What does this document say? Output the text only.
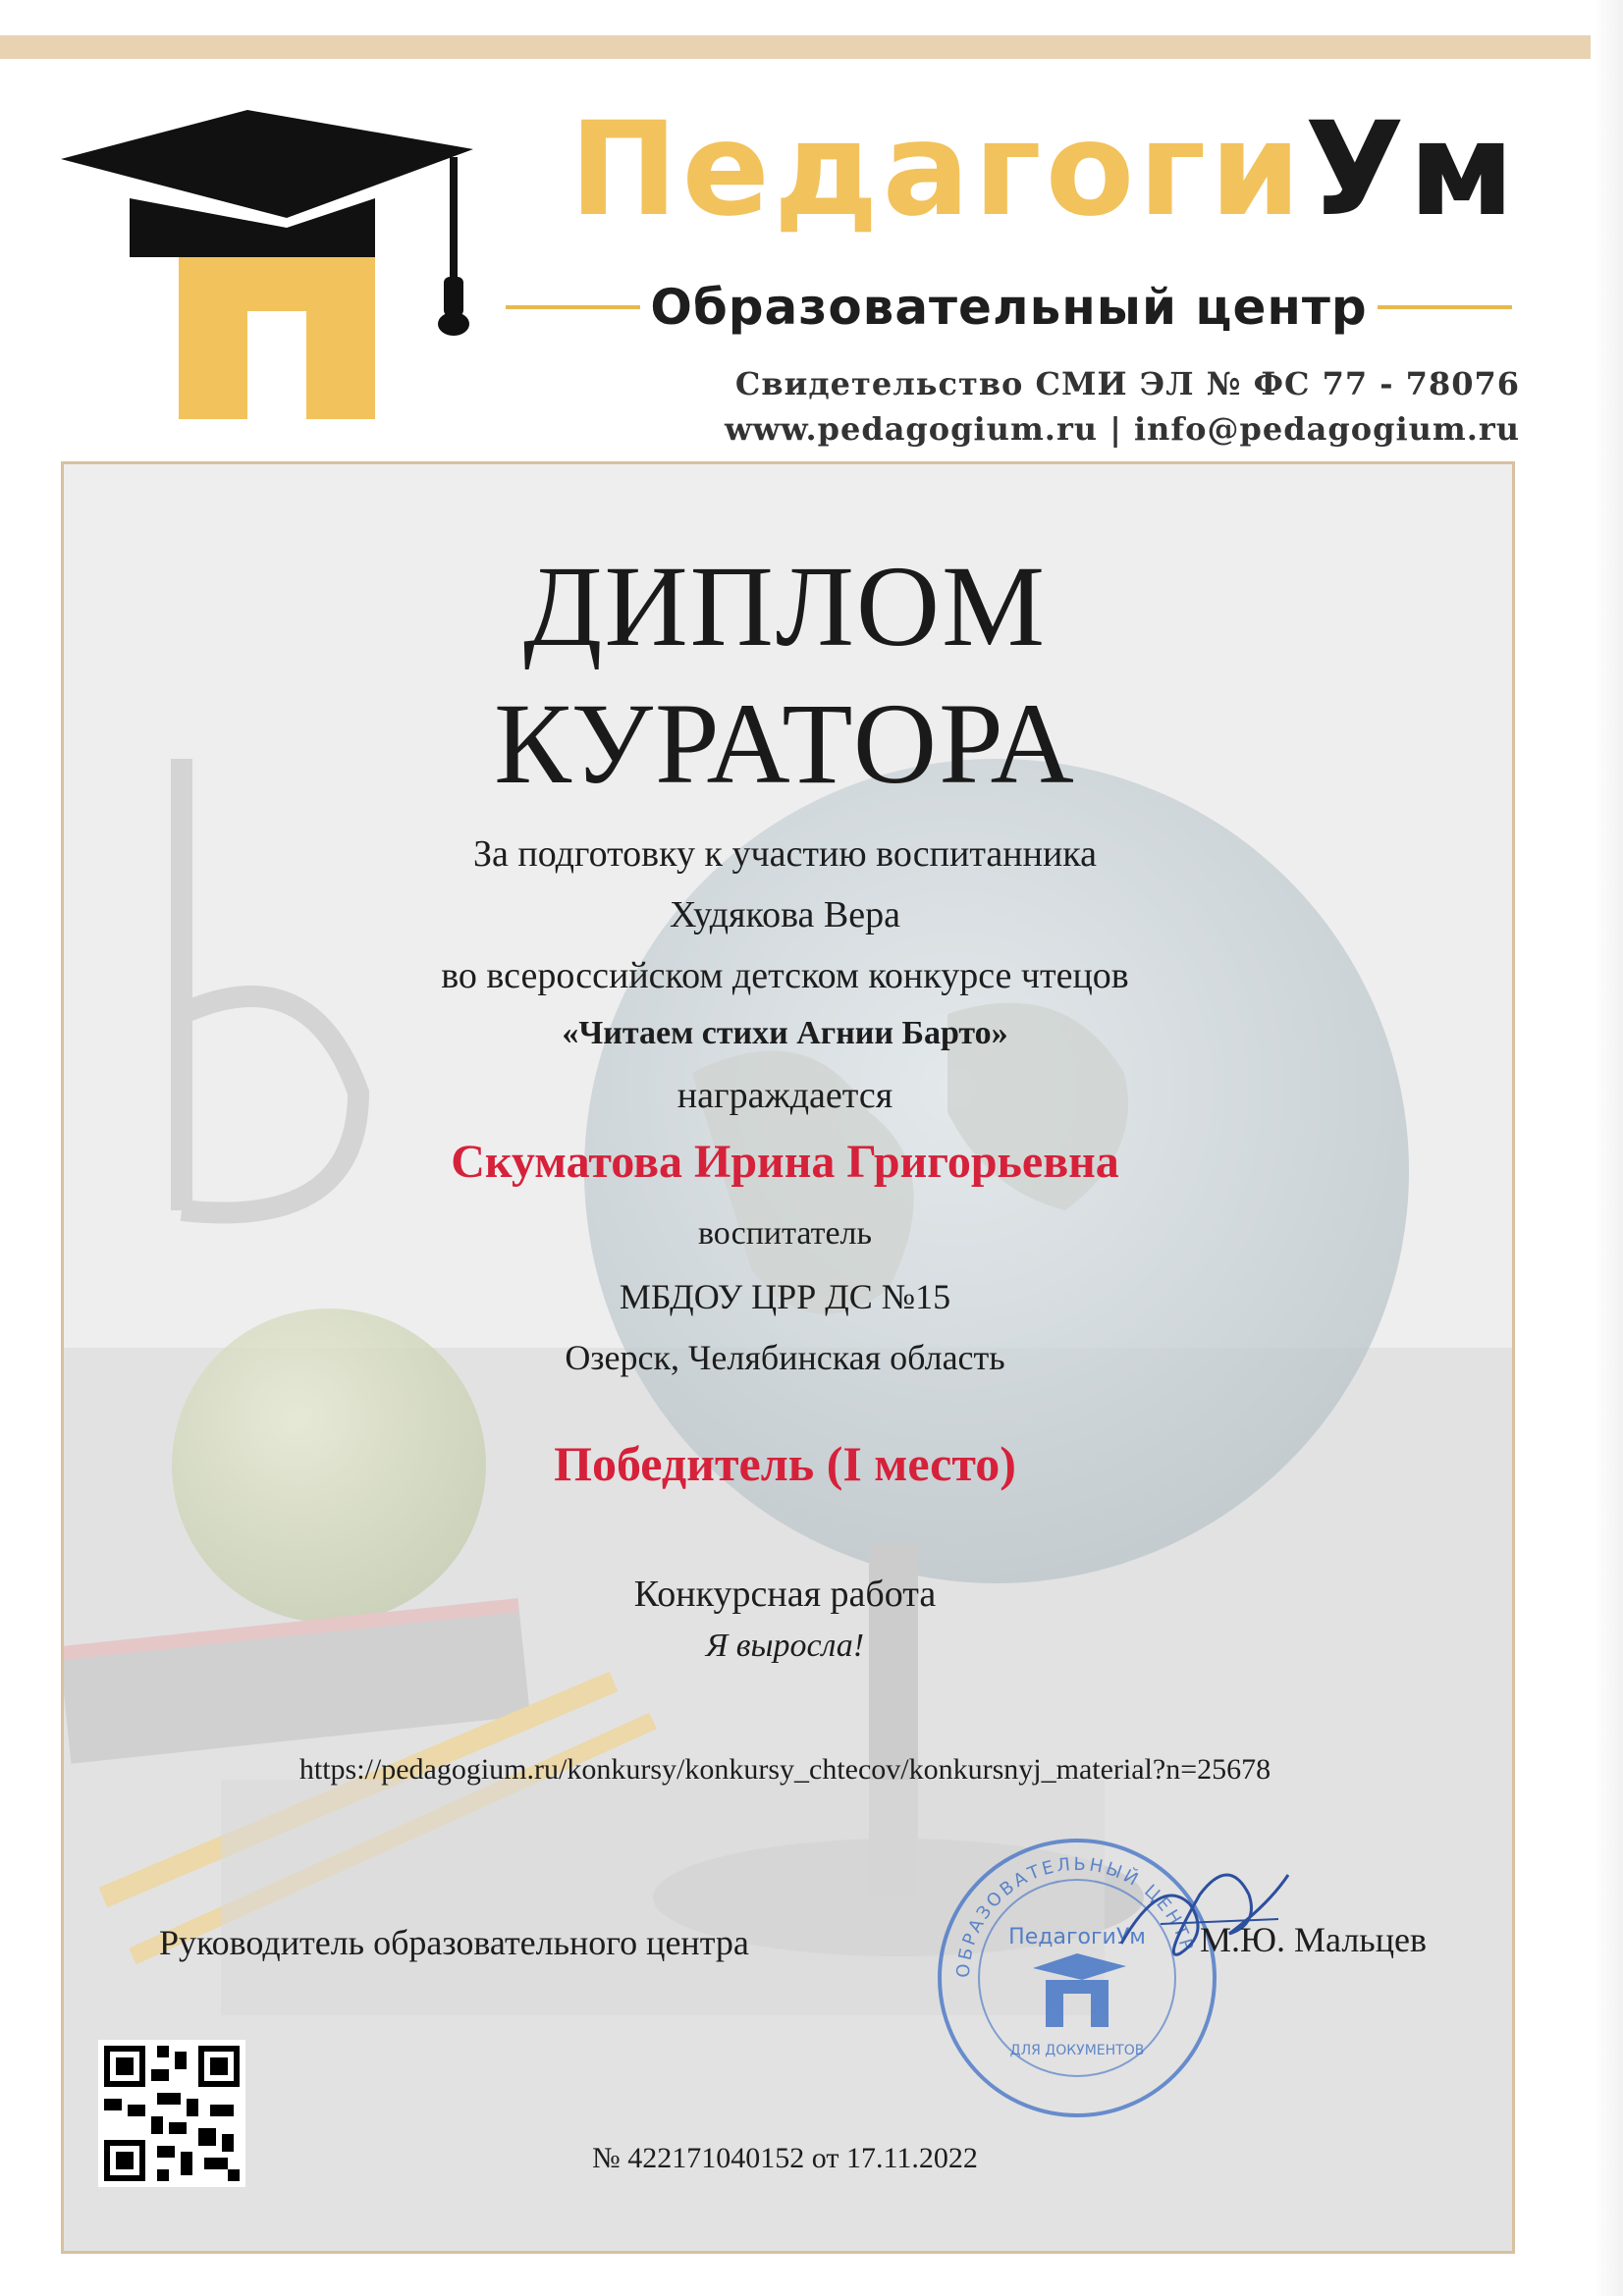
ПедагогиУм
Образовательный центр
Свидетельство СМИ ЭЛ № ФС 77 - 78076
www.pedagogium.ru | info@pedagogium.ru
ДИПЛОМ
КУРАТОРА
За подготовку к участию воспитанника
Худякова Вера
во всероссийском детском конкурсе чтецов
«Читаем стихи Агнии Барто»
награждается
Скуматова Ирина Григорьевна
воспитатель
МБДОУ ЦРР ДС №15
Озерск, Челябинская область
Победитель (I место)
Конкурсная работа
Я выросла!
https://pedagogium.ru/konkursy/konkursy_chtecov/konkursnyj_material?n=25678
Руководитель образовательного центра
ОБРАЗОВАТЕЛЬНЫЙ ЦЕНТР
ПедагогиУм
ДЛЯ ДОКУМЕНТОВ
М.Ю. Мальцев
№ 422171040152 от 17.11.2022
